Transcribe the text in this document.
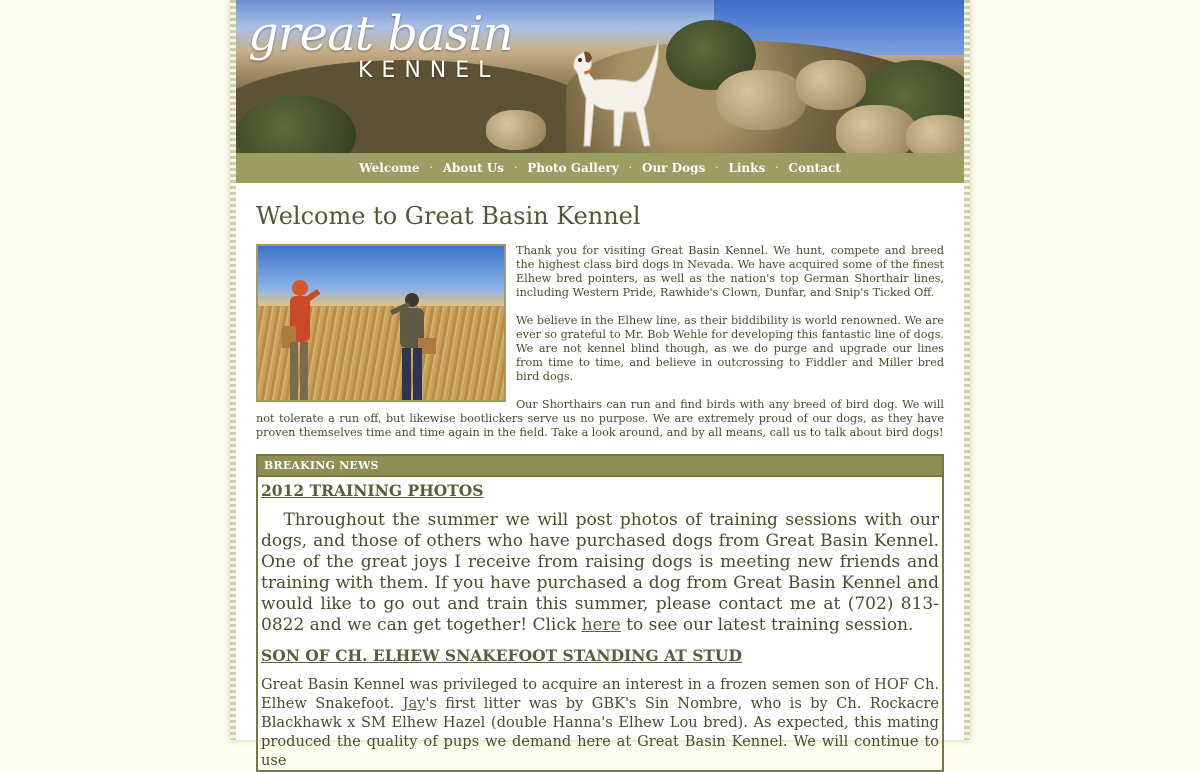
great basin
KENNEL
Welcome	· About Us	· Photo Gallery	· Our Dogs	· Links	· Contact
Welcome to Great Basin Kennel

Thank you for visiting Great Basin Kennel. We hunt, compete and breed the highest class bird dogs in Nevada. We have acquired some of the finest Elhew bred pointers, as well as the nation's top German Shorthair lines, including Western Pride, Rawhide's Clown, Dunfar, and Snip's Ticked Off.

We believe in the Elhew line, as their biddibility is world renowned. We are ever so grateful to Mr. Bob Wehle for developing this fantastic line of dogs. We are not kennel blind though, as we do purge and upgrade our lines from time to time, and believe in outcrossing to Fiddler and Miller bred bird dogs.

Our Shorthairs can run and find birds with any breed of bird dog. We will not tolerate a run off, but likewise bootlickers serve us no purpose. We are extremely proud of our dogs, as they have proven themselves time and time again in the field. Take a look around, and by all means, call us to talk about bird dogs!

BREAKING NEWS
2012 TRAINING PHOTOS

Throughout the summer we will post photos of training sessions with our dogs, and those of others who have purchased dogs from Great Basin Kennel. One of the great joys I receive from raising dogs is meeting new friends and training with them. If you have purchased a dog from Great Basin Kennel and would like to go out and train this summer, please contact me at (702) 813-0822 and we can get together! Click here to see our latest training session.

SON OF CH. ELHEW SNAKEFOOT STANDING AT STUD

Great Basin Kennel was privileged to acquire an interest in a frozen semen son of HOF Ch. Elhew Snakefoot. Jay's first litter was by GBK's Sin Nombre, who is by Ch. Rockacre Blackhawk x SM Elhew Hazel (double Hanna's Elhew Lou bred). As expected, this mating produced the quality of pups we demand here at Great Basin Kennel. We will continue to use
